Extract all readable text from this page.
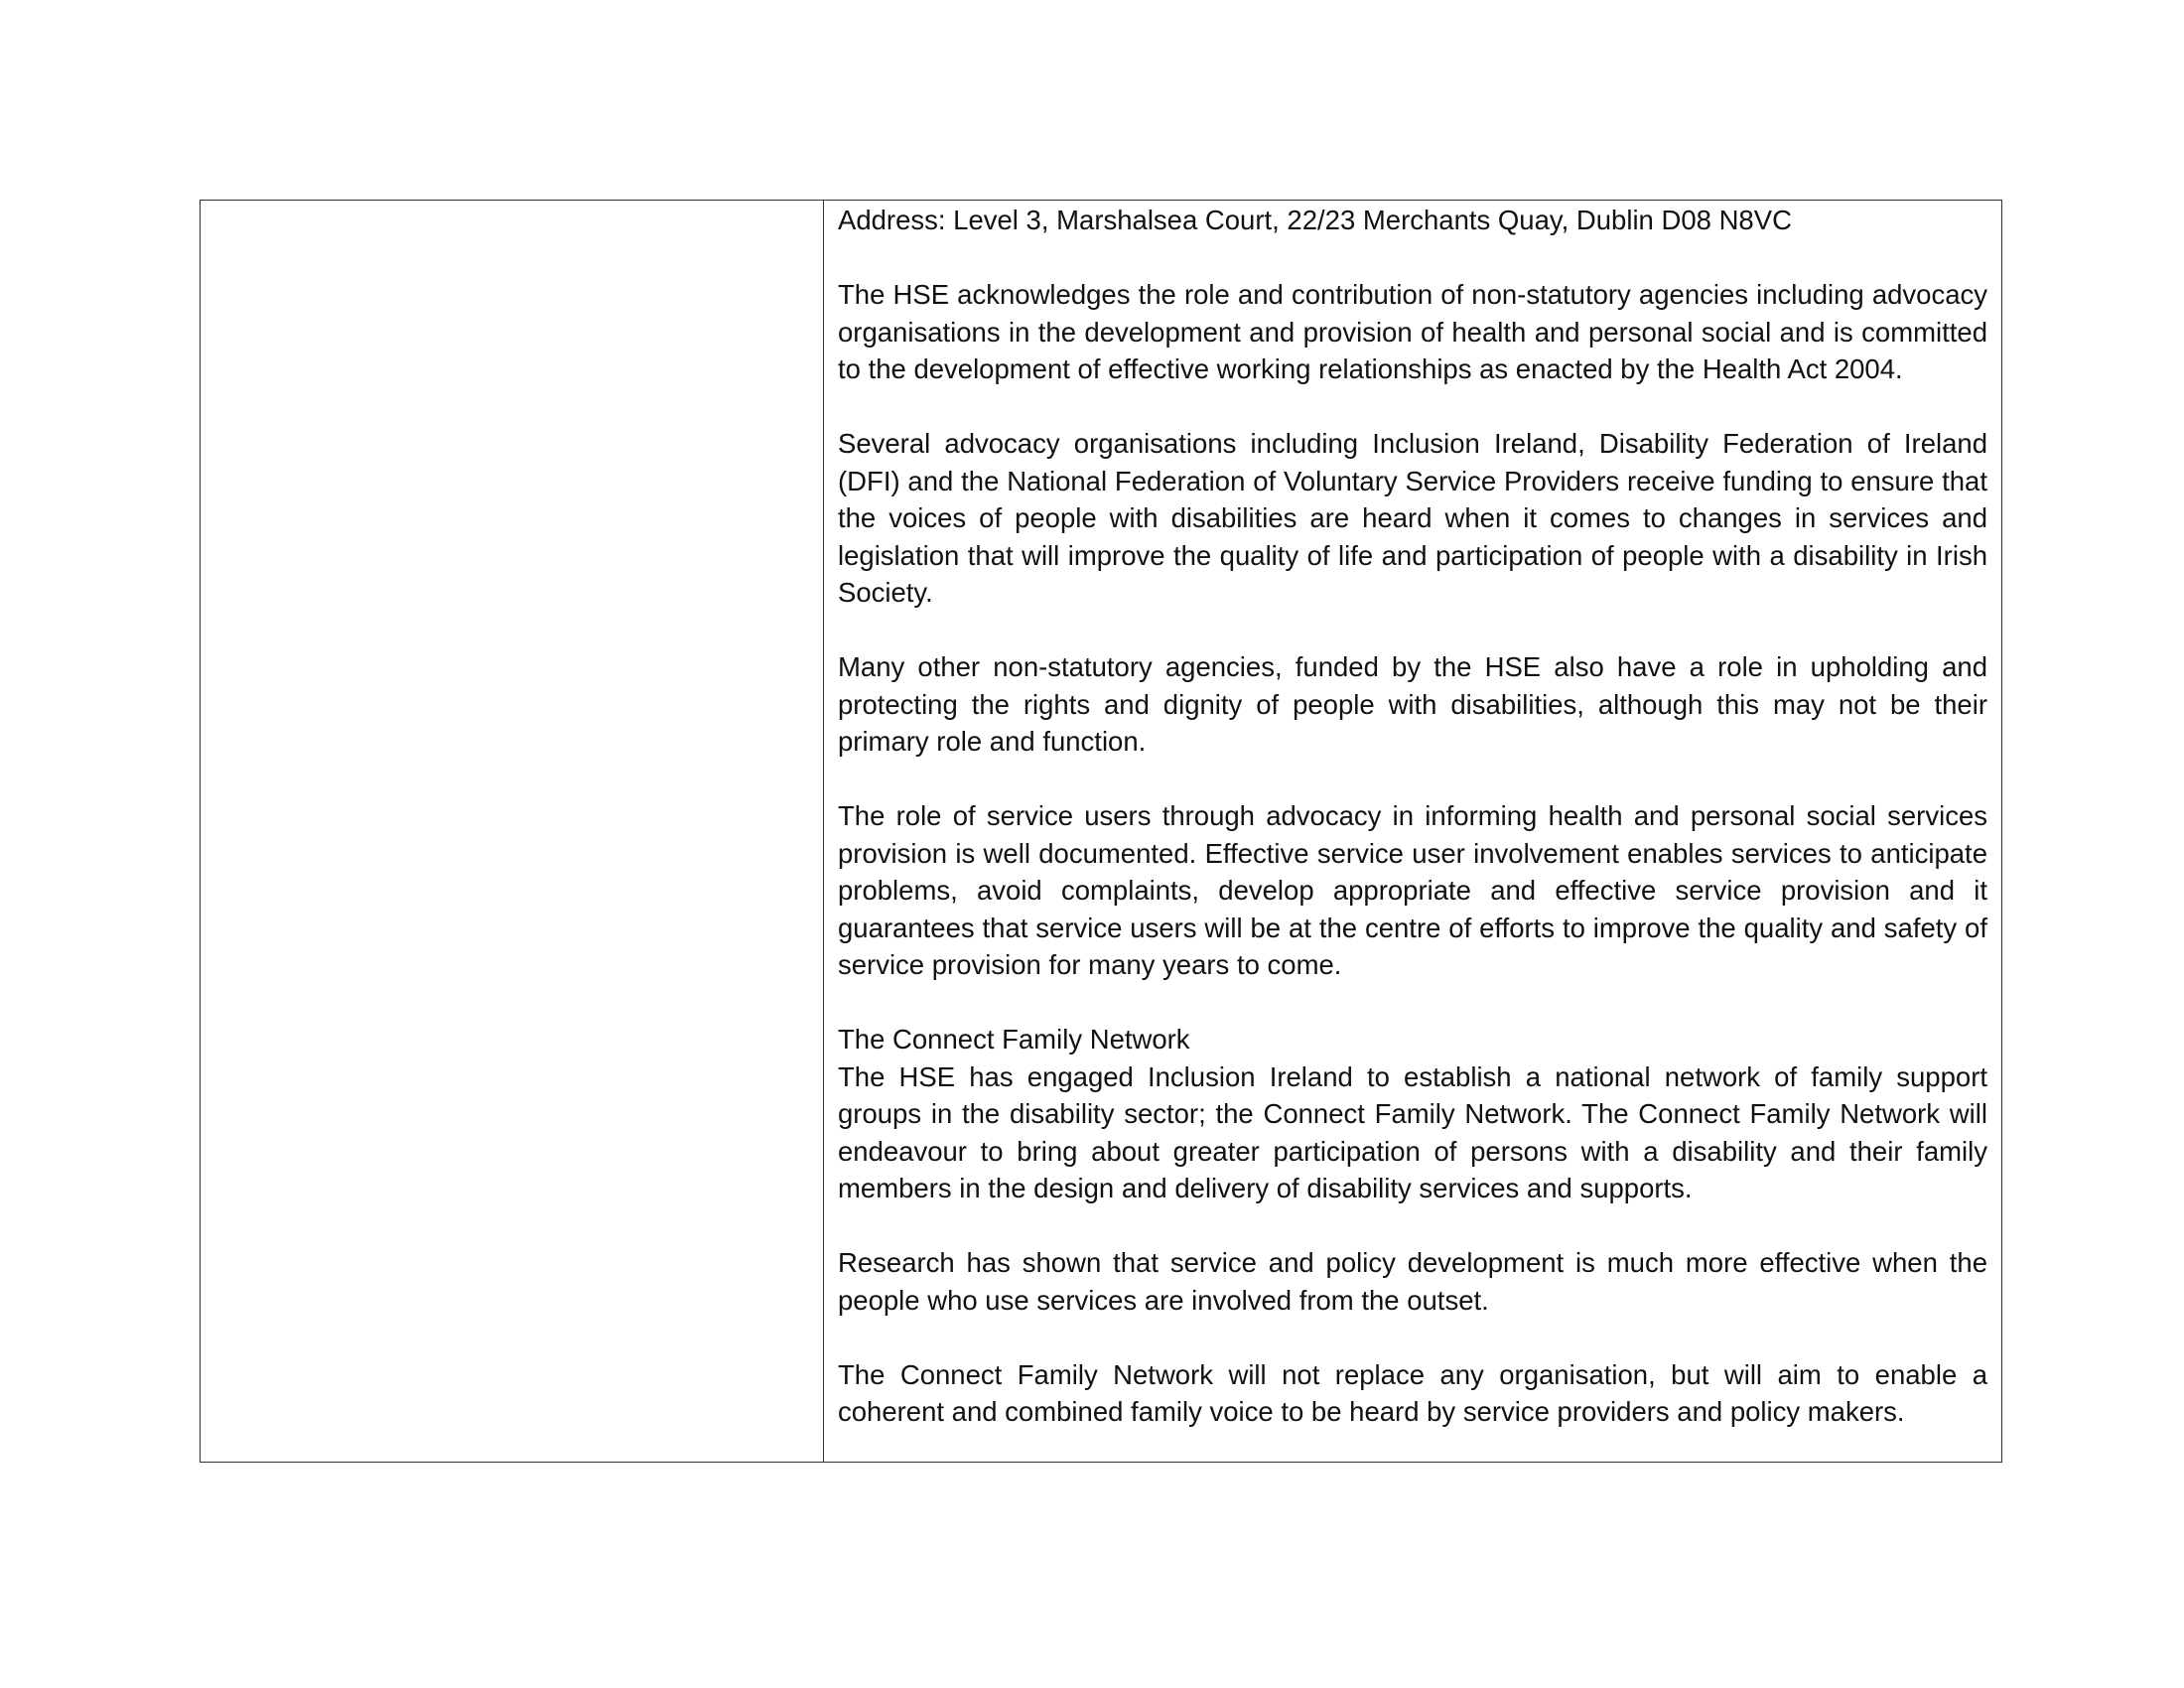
Address: Level 3, Marshalsea Court, 22/23 Merchants Quay, Dublin D08 N8VC

The HSE acknowledges the role and contribution of non-statutory agencies including advocacy organisations in the development and provision of health and personal social and is committed to the development of effective working relationships as enacted by the Health Act 2004.

Several advocacy organisations including Inclusion Ireland, Disability Federation of Ireland (DFI) and the National Federation of Voluntary Service Providers receive funding to ensure that the voices of people with disabilities are heard when it comes to changes in services and legislation that will improve the quality of life and participation of people with a disability in Irish Society.

Many other non-statutory agencies, funded by the HSE also have a role in upholding and protecting the rights and dignity of people with disabilities, although this may not be their primary role and function.

The role of service users through advocacy in informing health and personal social services provision is well documented. Effective service user involvement enables services to anticipate problems, avoid complaints, develop appropriate and effective service provision and it guarantees that service users will be at the centre of efforts to improve the quality and safety of service provision for many years to come.

The Connect Family Network
The HSE has engaged Inclusion Ireland to establish a national network of family support groups in the disability sector; the Connect Family Network. The Connect Family Network will endeavour to bring about greater participation of persons with a disability and their family members in the design and delivery of disability services and supports.

Research has shown that service and policy development is much more effective when the people who use services are involved from the outset.

The Connect Family Network will not replace any organisation, but will aim to enable a coherent and combined family voice to be heard by service providers and policy makers.
